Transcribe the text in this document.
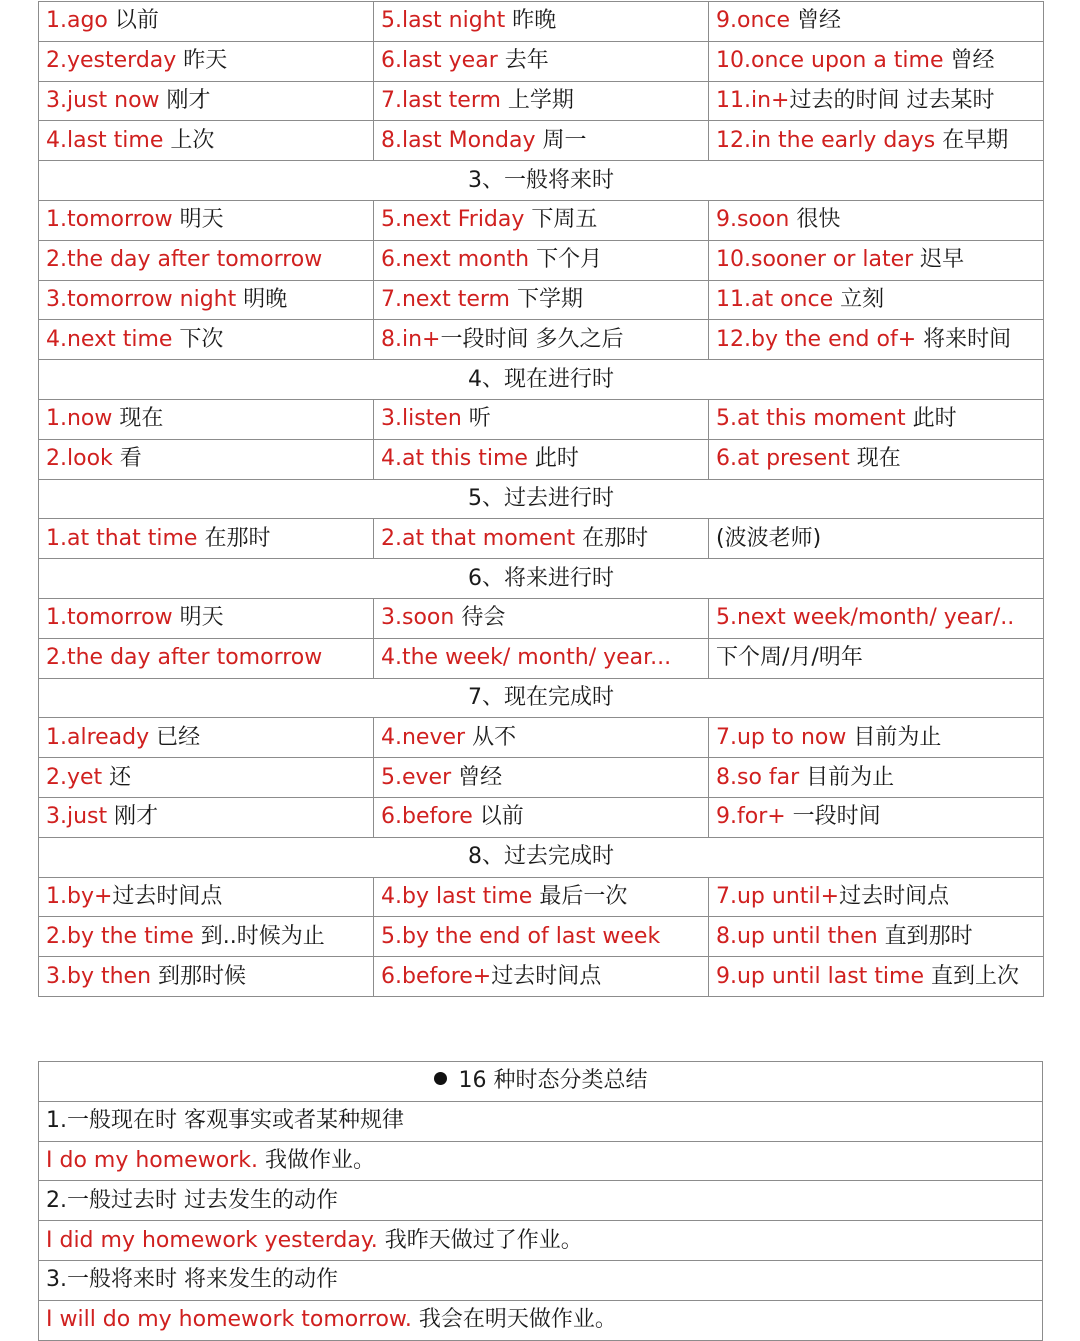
1.ago 以前	5.last night 昨晚	9.once 曾经
2.yesterday 昨天	6.last year 去年	10.once upon a time 曾经
3.just now 刚才	7.last term 上学期	11.in+过去的时间 过去某时
4.last time 上次	8.last Monday 周一	12.in the early days 在早期
3、一般将来时		
1.tomorrow 明天	5.next Friday 下周五	9.soon 很快
2.the day after tomorrow	6.next month 下个月	10.sooner or later 迟早
3.tomorrow night 明晚	7.next term 下学期	11.at once 立刻
4.next time 下次	8.in+一段时间 多久之后	12.by the end of+ 将来时间
4、现在进行时		
1.now 现在	3.listen 听	5.at this moment 此时
2.look 看	4.at this time 此时	6.at present 现在
5、过去进行时		
1.at that time 在那时	2.at that moment 在那时	(波波老师)
6、将来进行时		
1.tomorrow 明天	3.soon 待会	5.next week/month/ year/..
2.the day after tomorrow	4.the week/ month/ year...	下个周/月/明年
7、现在完成时		
1.already 已经	4.never 从不	7.up to now 目前为止
2.yet 还	5.ever 曾经	8.so far 目前为止
3.just 刚才	6.before 以前	9.for+ 一段时间
8、过去完成时		
1.by+过去时间点	4.by last time 最后一次	7.up until+过去时间点
2.by the time 到..时候为止	5.by the end of last week	8.up until then 直到那时
3.by then 到那时候	6.before+过去时间点	9.up until last time 直到上次
16 种时态分类总结
1.一般现在时 客观事实或者某种规律
I do my homework. 我做作业。
2.一般过去时 过去发生的动作
I did my homework yesterday. 我昨天做过了作业。
3.一般将来时 将来发生的动作
I will do my homework tomorrow. 我会在明天做作业。
